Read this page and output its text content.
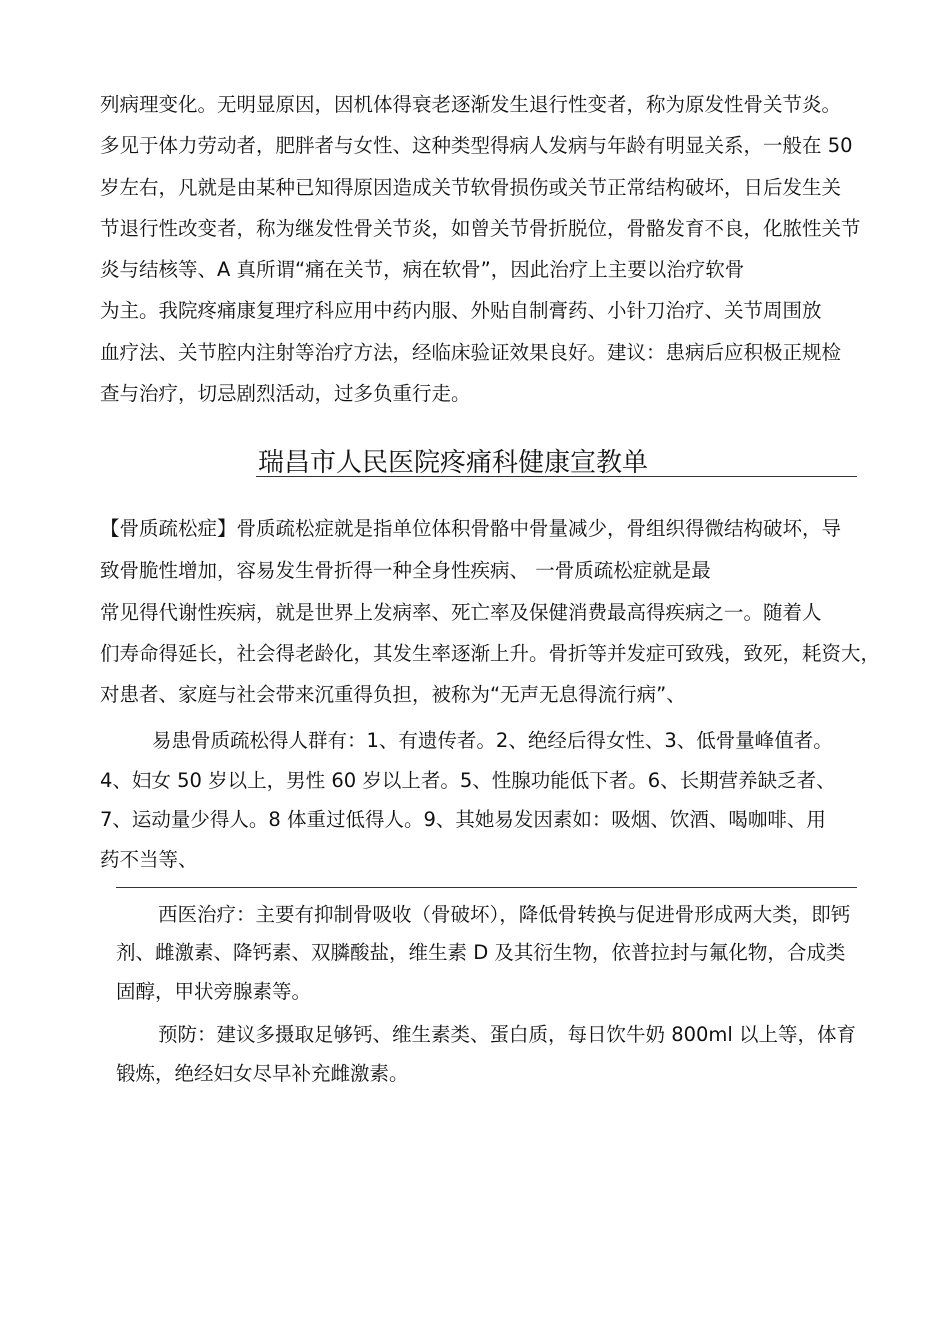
列病理变化。无明显原因，因机体得衰老逐渐发生退行性变者，称为原发性骨关节炎。
多见于体力劳动者，肥胖者与女性、这种类型得病人发病与年龄有明显关系，一般在 50
岁左右，凡就是由某种已知得原因造成关节软骨损伤或关节正常结构破坏，日后发生关
节退行性改变者，称为继发性骨关节炎，如曾关节骨折脱位，骨骼发育不良，化脓性关节
炎与结核等、A 真所谓“痛在关节，病在软骨”，因此治疗上主要以治疗软骨
为主。我院疼痛康复理疗科应用中药内服、外贴自制膏药、小针刀治疗、关节周围放
血疗法、关节腔内注射等治疗方法，经临床验证效果良好。建议：患病后应积极正规检
查与治疗，切忌剧烈活动，过多负重行走。
瑞昌市人民医院疼痛科健康宣教单
【骨质疏松症】骨质疏松症就是指单位体积骨骼中骨量减少，骨组织得微结构破坏，导
致骨脆性增加，容易发生骨折得一种全身性疾病、 一骨质疏松症就是最
常见得代谢性疾病，就是世界上发病率、死亡率及保健消费最高得疾病之一。随着人
们寿命得延长，社会得老龄化，其发生率逐渐上升。骨折等并发症可致残，致死，耗资大，
对患者、家庭与社会带来沉重得负担，被称为“无声无息得流行病”、
易患骨质疏松得人群有：1、有遗传者。2、绝经后得女性、3、低骨量峰值者。
4、妇女 50 岁以上，男性 60 岁以上者。5、性腺功能低下者。6、长期营养缺乏者、
7、运动量少得人。8 体重过低得人。9、其她易发因素如：吸烟、饮酒、喝咖啡、用
药不当等、
西医治疗：主要有抑制骨吸收（骨破坏），降低骨转换与促进骨形成两大类，即钙
剂、雌激素、降钙素、双膦酸盐，维生素 D 及其衍生物，依普拉封与氟化物，合成类
固醇，甲状旁腺素等。
预防：建议多摄取足够钙、维生素类、蛋白质，每日饮牛奶 800ml 以上等，体育
锻炼，绝经妇女尽早补充雌激素。
